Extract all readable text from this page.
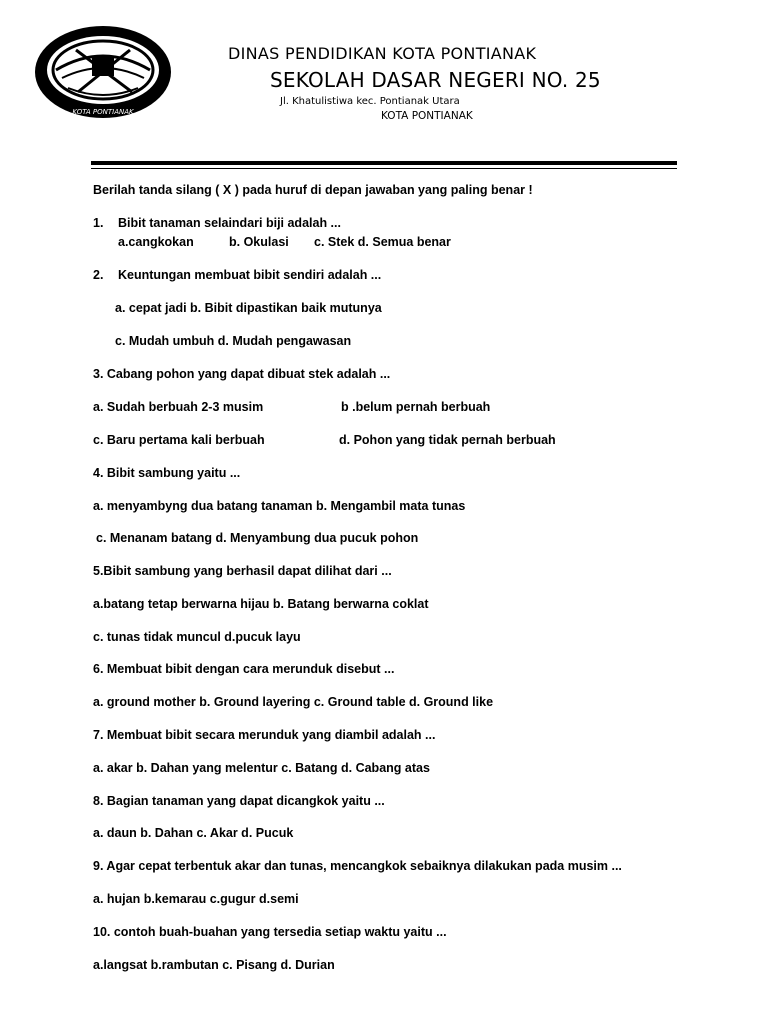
KOTA PONTIANAK
DINAS PENDIDIKAN KOTA PONTIANAK
SEKOLAH DASAR NEGERI NO. 25
Jl. Khatulistiwa kec. Pontianak Utara
KOTA PONTIANAK
Berilah tanda silang ( X ) pada huruf di depan jawaban yang paling benar !
1. Bibit tanaman selaindari biji adalah ...
a.cangkokan	b. Okulasi c. Stek d. Semua benar
2. Keuntungan membuat bibit sendiri adalah ...
a. cepat jadi b. Bibit dipastikan baik mutunya
c. Mudah umbuh d. Mudah pengawasan
3. Cabang pohon yang dapat dibuat stek adalah ...
a. Sudah berbuah 2-3 musim	b .belum pernah berbuah
c. Baru pertama kali berbuah	d. Pohon yang tidak pernah berbuah
4. Bibit sambung yaitu ...
a. menyambyng dua batang tanaman b. Mengambil mata tunas
c. Menanam batang d. Menyambung dua pucuk pohon
5.Bibit sambung yang berhasil dapat dilihat dari ...
a.batang tetap berwarna hijau b. Batang berwarna coklat
c. tunas tidak muncul d.pucuk layu
6. Membuat bibit dengan cara merunduk disebut ...
a. ground mother b. Ground layering c. Ground table d. Ground like
7. Membuat bibit secara merunduk yang diambil adalah ...
a. akar b. Dahan yang melentur c. Batang d. Cabang atas
8. Bagian tanaman yang dapat dicangkok yaitu ...
a. daun b. Dahan c. Akar d. Pucuk
9. Agar cepat terbentuk akar dan tunas, mencangkok sebaiknya dilakukan pada musim ...
a. hujan b.kemarau c.gugur d.semi
10. contoh buah-buahan yang tersedia setiap waktu yaitu ...
a.langsat b.rambutan c. Pisang d. Durian
